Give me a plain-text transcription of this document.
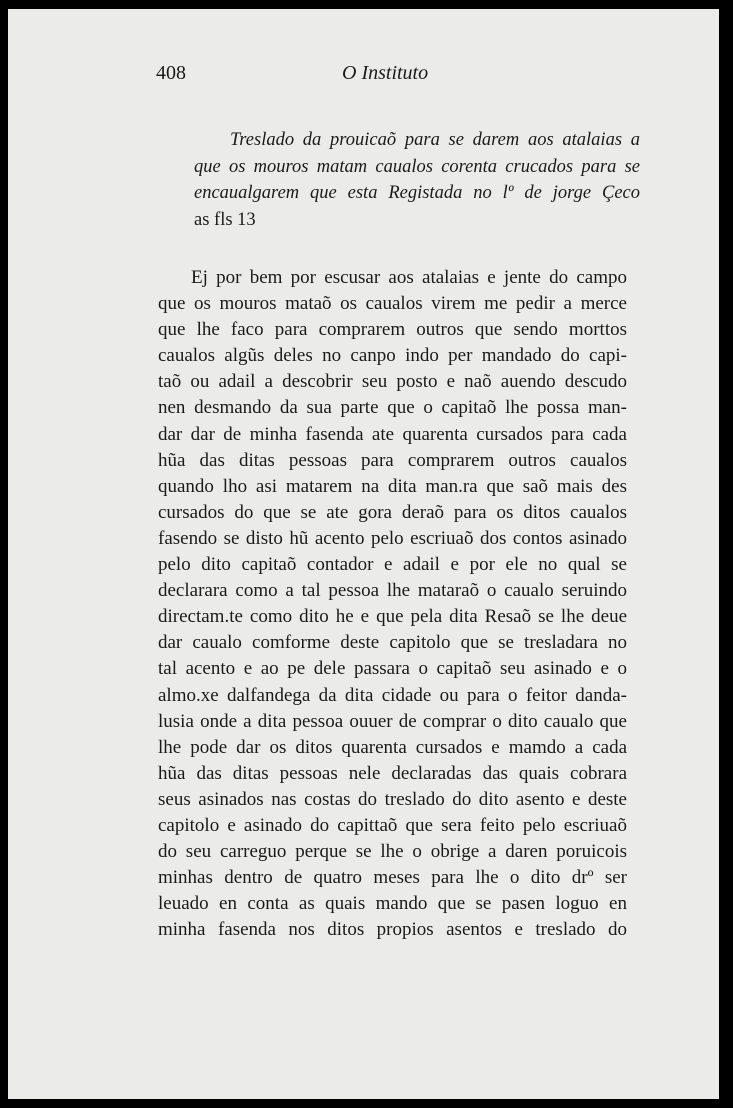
408	O Instituto
Treslado da prouicaõ para se darem aos atalaias a
que os mouros matam caualos corenta crucados para se
encaualgarem que esta Registada no lº de jorge Çeco
as fls 13
Ej por bem por escusar aos atalaias e jente do campo
que os mouros mataõ os caualos virem me pedir a merce
que lhe faco para comprarem outros que sendo morttos
caualos algũs deles no canpo indo per mandado do capi-
taõ ou adail a descobrir seu posto e naõ auendo descudo
nen desmando da sua parte que o capitaõ lhe possa man-
dar dar de minha fasenda ate quarenta cursados para cada
hũa das ditas pessoas para comprarem outros caualos
quando lho asi matarem na dita man.ra que saõ mais des
cursados do que se ate gora deraõ para os ditos caualos
fasendo se disto hũ acento pelo escriuaõ dos contos asinado
pelo dito capitaõ contador e adail e por ele no qual se
declarara como a tal pessoa lhe mataraõ o caualo seruindo
directam.te como dito he e que pela dita Resaõ se lhe deue
dar caualo comforme deste capitolo que se tresladara no
tal acento e ao pe dele passara o capitaõ seu asinado e o
almo.xe dalfandega da dita cidade ou para o feitor danda-
lusia onde a dita pessoa ouuer de comprar o dito caualo que
lhe pode dar os ditos quarenta cursados e mamdo a cada
hũa das ditas pessoas nele declaradas das quais cobrara
seus asinados nas costas do treslado do dito asento e deste
capitolo e asinado do capittaõ que sera feito pelo escriuaõ
do seu carreguo perque se lhe o obrige a daren poruicois
minhas dentro de quatro meses para lhe o dito drº ser
leuado en conta as quais mando que se pasen loguo en
minha fasenda nos ditos propios asentos e treslado do
